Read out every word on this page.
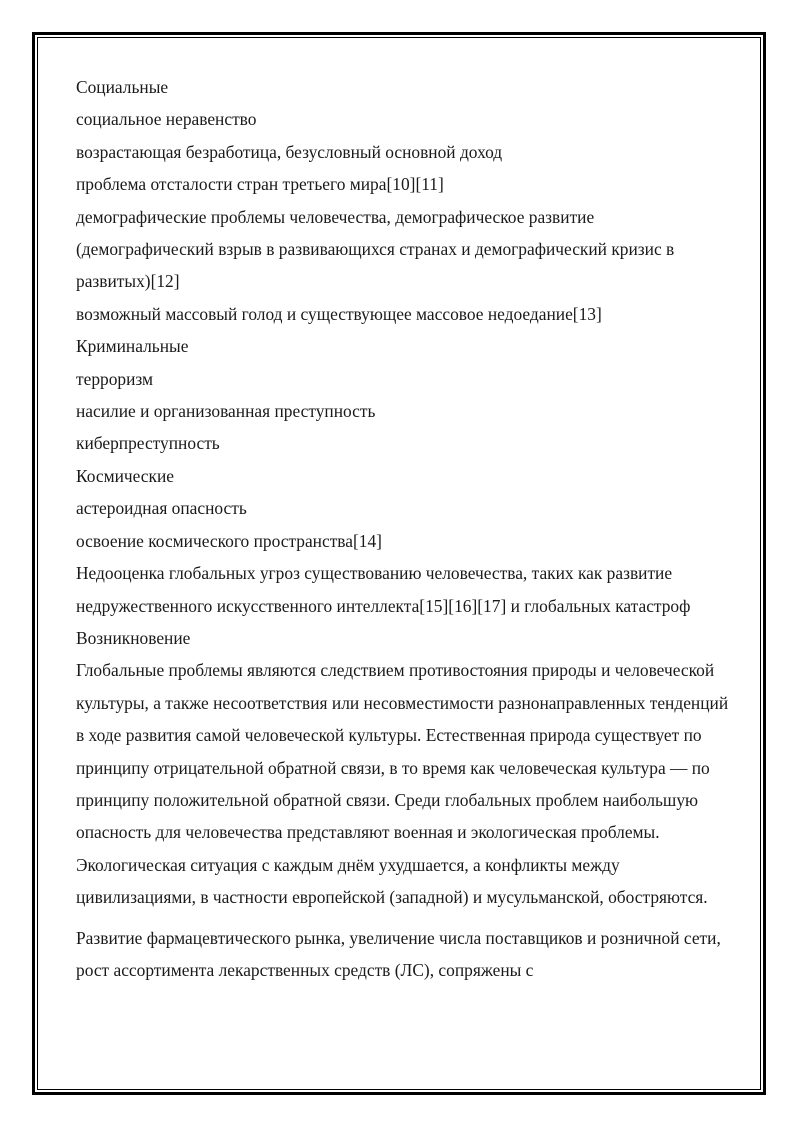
Социальные

социальное неравенство

возрастающая безработица, безусловный основной доход

проблема отсталости стран третьего мира[10][11]

демографические проблемы человечества, демографическое развитие (демографический взрыв в развивающихся странах и демографический кризис в развитых)[12]

возможный массовый голод и существующее массовое недоедание[13]

Криминальные

терроризм

насилие и организованная преступность

киберпреступность

Космические

астероидная опасность

освоение космического пространства[14]

Недооценка глобальных угроз существованию человечества, таких как развитие недружественного искусственного интеллекта[15][16][17] и глобальных катастроф

Возникновение

Глобальные проблемы являются следствием противостояния природы и человеческой культуры, а также несоответствия или несовместимости разнонаправленных тенденций в ходе развития самой человеческой культуры. Естественная природа существует по принципу отрицательной обратной связи, в то время как человеческая культура — по принципу положительной обратной связи. Среди глобальных проблем наибольшую опасность для человечества представляют военная и экологическая проблемы. Экологическая ситуация с каждым днём ухудшается, а конфликты между цивилизациями, в частности европейской (западной) и мусульманской, обостряются.

Развитие фармацевтического рынка, увеличение числа поставщиков и розничной сети, рост ассортимента лекарственных средств (ЛС), сопряжены с
